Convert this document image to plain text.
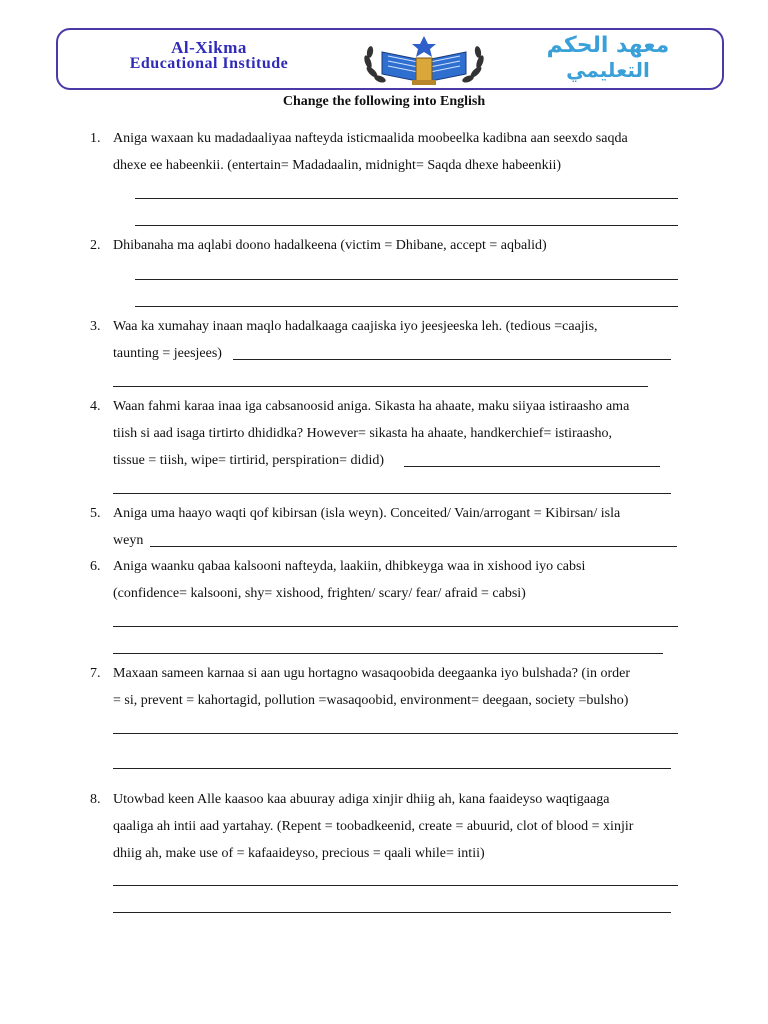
Al-Xikma
Educational Institude
معهد الحكم
التعليمي
Change the following into English
1. Aniga waxaan ku madadaaliyaa nafteyda isticmaalida moobeelka kadibna aan seexdo saqda
dhexe ee habeenkii. (entertain= Madadaalin, midnight= Saqda dhexe habeenkii)
2. Dhibanaha ma aqlabi doono hadalkeena (victim = Dhibane, accept = aqbalid)
3. Waa ka xumahay inaan maqlo hadalkaaga caajiska iyo jeesjeeska leh. (tedious =caajis,
taunting = jeesjees)
4. Waan fahmi karaa inaa iga cabsanoosid aniga. Sikasta ha ahaate, maku siiyaa istiraasho ama
tiish si aad isaga tirtirto dhididka? However= sikasta ha ahaate, handkerchief= istiraasho,
tissue = tiish, wipe= tirtirid, perspiration= didid)
5. Aniga uma haayo waqti qof kibirsan (isla weyn). Conceited/ Vain/arrogant = Kibirsan/ isla
weyn
6. Aniga waanku qabaa kalsooni nafteyda, laakiin, dhibkeyga waa in xishood iyo cabsi
(confidence= kalsooni, shy= xishood, frighten/ scary/ fear/ afraid = cabsi)
7. Maxaan sameen karnaa si aan ugu hortagno wasaqoobida deegaanka iyo bulshada? (in order
= si, prevent = kahortagid, pollution =wasaqoobid, environment= deegaan, society =bulsho)
8. Utowbad keen Alle kaasoo kaa abuuray adiga xinjir dhiig ah, kana faaideyso waqtigaaga
qaaliga ah intii aad yartahay. (Repent = toobadkeenid, create = abuurid, clot of blood = xinjir
dhiig ah, make use of = kafaaideyso, precious = qaali while= intii)
